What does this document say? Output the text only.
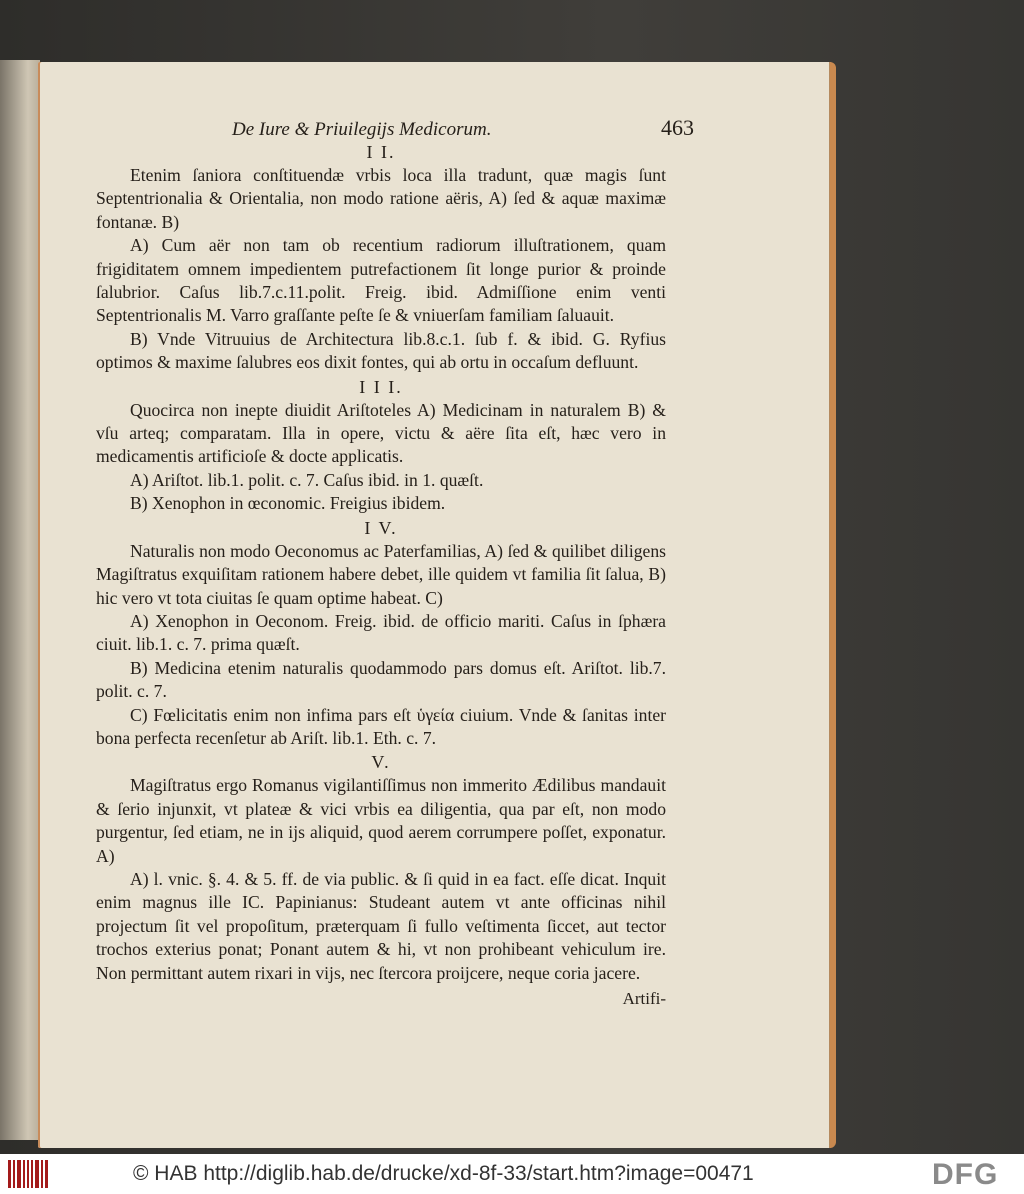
De Iure & Priuilegijs Medicorum.	463
I I.

Etenim ſaniora conſtituendæ vrbis loca illa tradunt, quæ magis ſunt Septentrionalia & Orientalia, non modo ratione aëris, A) ſed & aquæ maximæ fontanæ. B)

A) Cum aër non tam ob recentium radiorum illuſtrationem, quam frigiditatem omnem impedientem putrefactionem ſit longe purior & proinde ſalubrior. Caſus lib.7.c.11.polit. Freig. ibid. Admiſſione enim venti Septentrionalis M. Varro graſſante peſte ſe & vniuerſam familiam ſaluauit.

B) Vnde Vitruuius de Architectura lib.8.c.1. ſub f. & ibid. G. Ryfius optimos & maxime ſalubres eos dixit fontes, qui ab ortu in occaſum defluunt.

I I I.

Quocirca non inepte diuidit Ariſtoteles A) Medicinam in naturalem B) & vſu arteq; comparatam. Illa in opere, victu & aëre ſita eſt, hæc vero in medicamentis artificioſe & docte applicatis.

A) Ariſtot. lib.1. polit. c. 7. Caſus ibid. in 1. quæſt.

B) Xenophon in œconomic. Freigius ibidem.

I V.

Naturalis non modo Oeconomus ac Paterfamilias, A) ſed & quilibet diligens Magiſtratus exquiſitam rationem habere debet, ille quidem vt familia ſit ſalua, B) hic vero vt tota ciuitas ſe quam optime habeat. C)

A) Xenophon in Oeconom. Freig. ibid. de officio mariti. Caſus in ſphæra ciuit. lib.1. c. 7. prima quæſt.

B) Medicina etenim naturalis quodammodo pars domus eſt. Ariſtot. lib.7. polit. c. 7.

C) Fœlicitatis enim non infima pars eſt ὑγεία ciuium. Vnde & ſanitas inter bona perfecta recenſetur ab Ariſt. lib.1. Eth. c. 7.

V.

Magiſtratus ergo Romanus vigilantiſſimus non immerito Ædilibus mandauit & ſerio injunxit, vt plateæ & vici vrbis ea diligentia, qua par eſt, non modo purgentur, ſed etiam, ne in ijs aliquid, quod aerem corrumpere poſſet, exponatur. A)

A) l. vnic. §. 4. & 5. ff. de via public. & ſi quid in ea fact. eſſe dicat. Inquit enim magnus ille IC. Papinianus: Studeant autem vt ante officinas nihil projectum ſit vel propoſitum, præterquam ſi fullo veſtimenta ſiccet, aut tector trochos exterius ponat; Ponant autem & hi, vt non prohibeant vehiculum ire. Non permittant autem rixari in vijs, nec ſtercora proijcere, neque coria jacere.

Artifi-
© HAB http://diglib.hab.de/drucke/xd-8f-33/start.htm?image=00471	DFG
